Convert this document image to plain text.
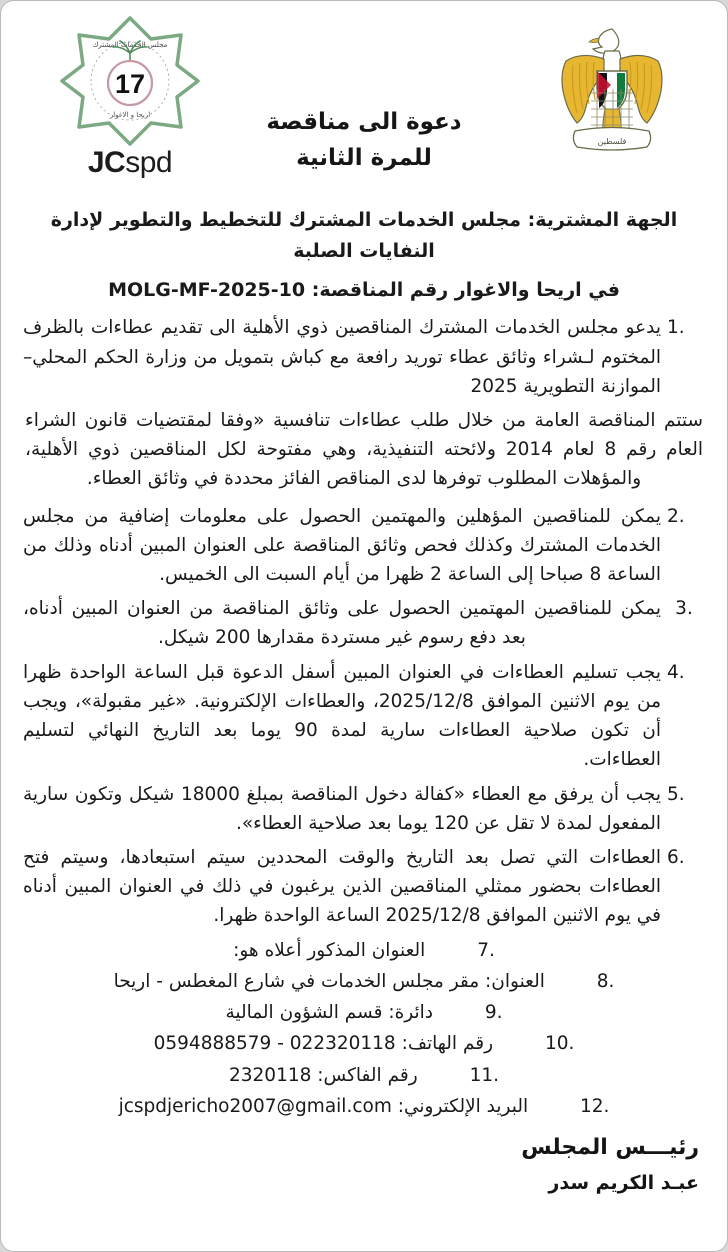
مجلس الخدمات المشترك
17
اريحا و الاغوار
JCspd
فلسطين
دعوة الى مناقصة
للمرة الثانية
الجهة المشترية: مجلس الخدمات المشترك للتخطيط والتطوير لإدارة النفايات الصلبة
في اريحا والاغوار رقم المناقصة: MOLG-MF-2025-10
1.
يدعو مجلس الخدمات المشترك المناقصين ذوي الأهلية الى تقديم عطاءات بالظرف المختوم لـشراء وثائق عطاء توريد رافعة مع كباش بتمويل من وزارة الحكم المحلي–الموازنة التطويرية 2025

ستتم المناقصة العامة من خلال طلب عطاءات تنافسية «وفقا لمقتضيات قانون الشراء العام رقم 8 لعام 2014 ولائحته التنفيذية، وهي مفتوحة لكل المناقصين ذوي الأهلية، والمؤهلات المطلوب توفرها لدى المناقص الفائز محددة في وثائق العطاء.

2.
يمكن للمناقصين المؤهلين والمهتمين الحصول على معلومات إضافية من مجلس الخدمات المشترك وكذلك فحص وثائق المناقصة على العنوان المبين أدناه وذلك من الساعة 8 صباحا إلى الساعة 2 ظهرا من أيام السبت الى الخميس.
3.
يمكن للمناقصين المهتمين الحصول على وثائق المناقصة من العنوان المبين أدناه، بعد دفع رسوم غير مستردة مقدارها 200 شيكل.
4.
يجب تسليم العطاءات في العنوان المبين أسفل الدعوة قبل الساعة الواحدة ظهرا من يوم الاثنين الموافق 2025/12/8، والعطاءات الإلكترونية. «غير مقبولة»، ويجب أن تكون صلاحية العطاءات سارية لمدة 90 يوما بعد التاريخ النهائي لتسليم العطاءات.
5.
يجب أن يرفق مع العطاء «كفالة دخول المناقصة بمبلغ 18000 شيكل وتكون سارية المفعول لمدة لا تقل عن 120 يوما بعد صلاحية العطاء».
6.
العطاءات التي تصل بعد التاريخ والوقت المحددين سيتم استبعادها، وسيتم فتح العطاءات بحضور ممثلي المناقصين الذين يرغبون في ذلك في العنوان المبين أدناه في يوم الاثنين الموافق 2025/12/8 الساعة الواحدة ظهرا.
7. العنوان المذكور أعلاه هو:
8. العنوان: مقر مجلس الخدمات في شارع المغطس - اريحا
9. دائرة: قسم الشؤون المالية
10. رقم الهاتف: 0594888579 - 022320118
11. رقم الفاكس: 2320118
12. البريد الإلكتروني: jcspdjericho2007@gmail.com
رئيـــس المجلس
عبـد الكريم سدر
